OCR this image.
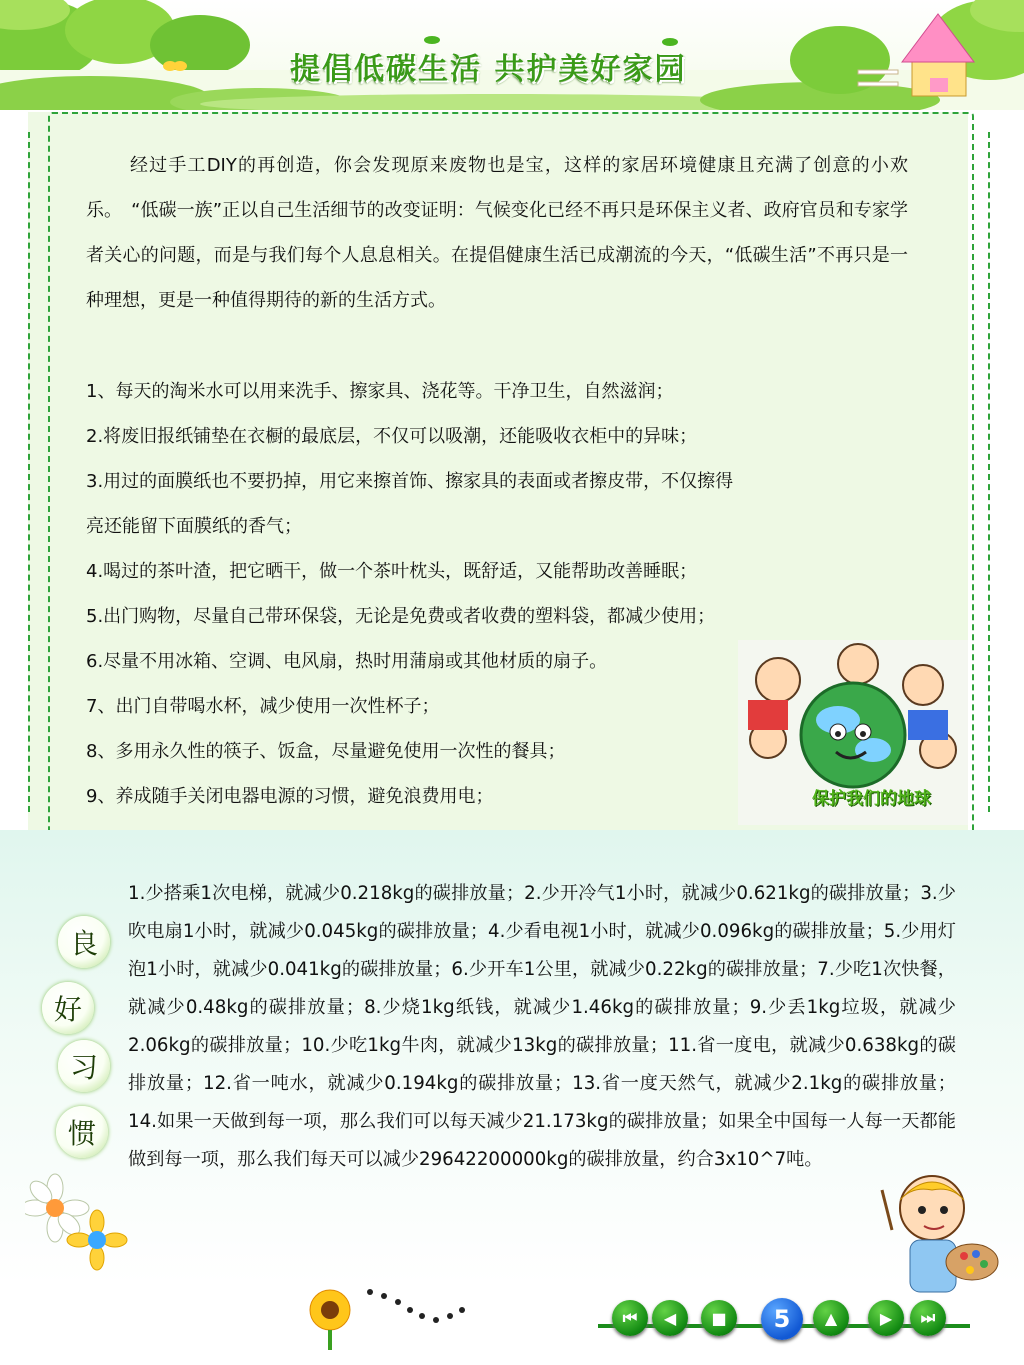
提倡低碳生活 共护美好家园

经过手工DIY的再创造，你会发现原来废物也是宝，这样的家居环境健康且充满了创意的小欢乐。　“低碳一族”正以自己生活细节的改变证明：气候变化已经不再只是环保主义者、政府官员和专家学者关心的问题，而是与我们每个人息息相关。在提倡健康生活已成潮流的今天，“低碳生活”不再只是一种理想，更是一种值得期待的新的生活方式。

1、每天的淘米水可以用来洗手、擦家具、浇花等。干净卫生，自然滋润；
2.将废旧报纸铺垫在衣橱的最底层，不仅可以吸潮，还能吸收衣柜中的异味；
3.用过的面膜纸也不要扔掉，用它来擦首饰、擦家具的表面或者擦皮带，不仅擦得
亮还能留下面膜纸的香气；
4.喝过的茶叶渣，把它晒干，做一个茶叶枕头，既舒适，又能帮助改善睡眠；
5.出门购物，尽量自己带环保袋，无论是免费或者收费的塑料袋，都减少使用；
6.尽量不用冰箱、空调、电风扇，热时用蒲扇或其他材质的扇子。
7、出门自带喝水杯，减少使用一次性杯子；
8、多用永久性的筷子、饭盒，尽量避免使用一次性的餐具；
9、养成随手关闭电器电源的习惯，避免浪费用电；	保护我们的地球
良
好
习
惯

1.少搭乘1次电梯，就减少0.218kg的碳排放量；2.少开冷气1小时，就减少0.621kg的碳排放量；3.少吹电扇1小时，就减少0.045kg的碳排放量；4.少看电视1小时，就减少0.096kg的碳排放量；5.少用灯泡1小时，就减少0.041kg的碳排放量；6.少开车1公里，就减少0.22kg的碳排放量；7.少吃1次快餐，就减少0.48kg的碳排放量；8.少烧1kg纸钱，就减少1.46kg的碳排放量；9.少丢1kg垃圾，就减少2.06kg的碳排放量；10.少吃1kg牛肉，就减少13kg的碳排放量；11.省一度电，就减少0.638kg的碳排放量；12.省一吨水，就减少0.194kg的碳排放量；13.省一度天然气，就减少2.1kg的碳排放量； 14.如果一天做到每一项，那么我们可以每天减少21.173kg的碳排放量；如果全中国每一人每一天都能做到每一项，那么我们每天可以减少29642200000kg的碳排放量，约合3x10^7吨。

⏮	◀	■	5	▲	▶	⏭
